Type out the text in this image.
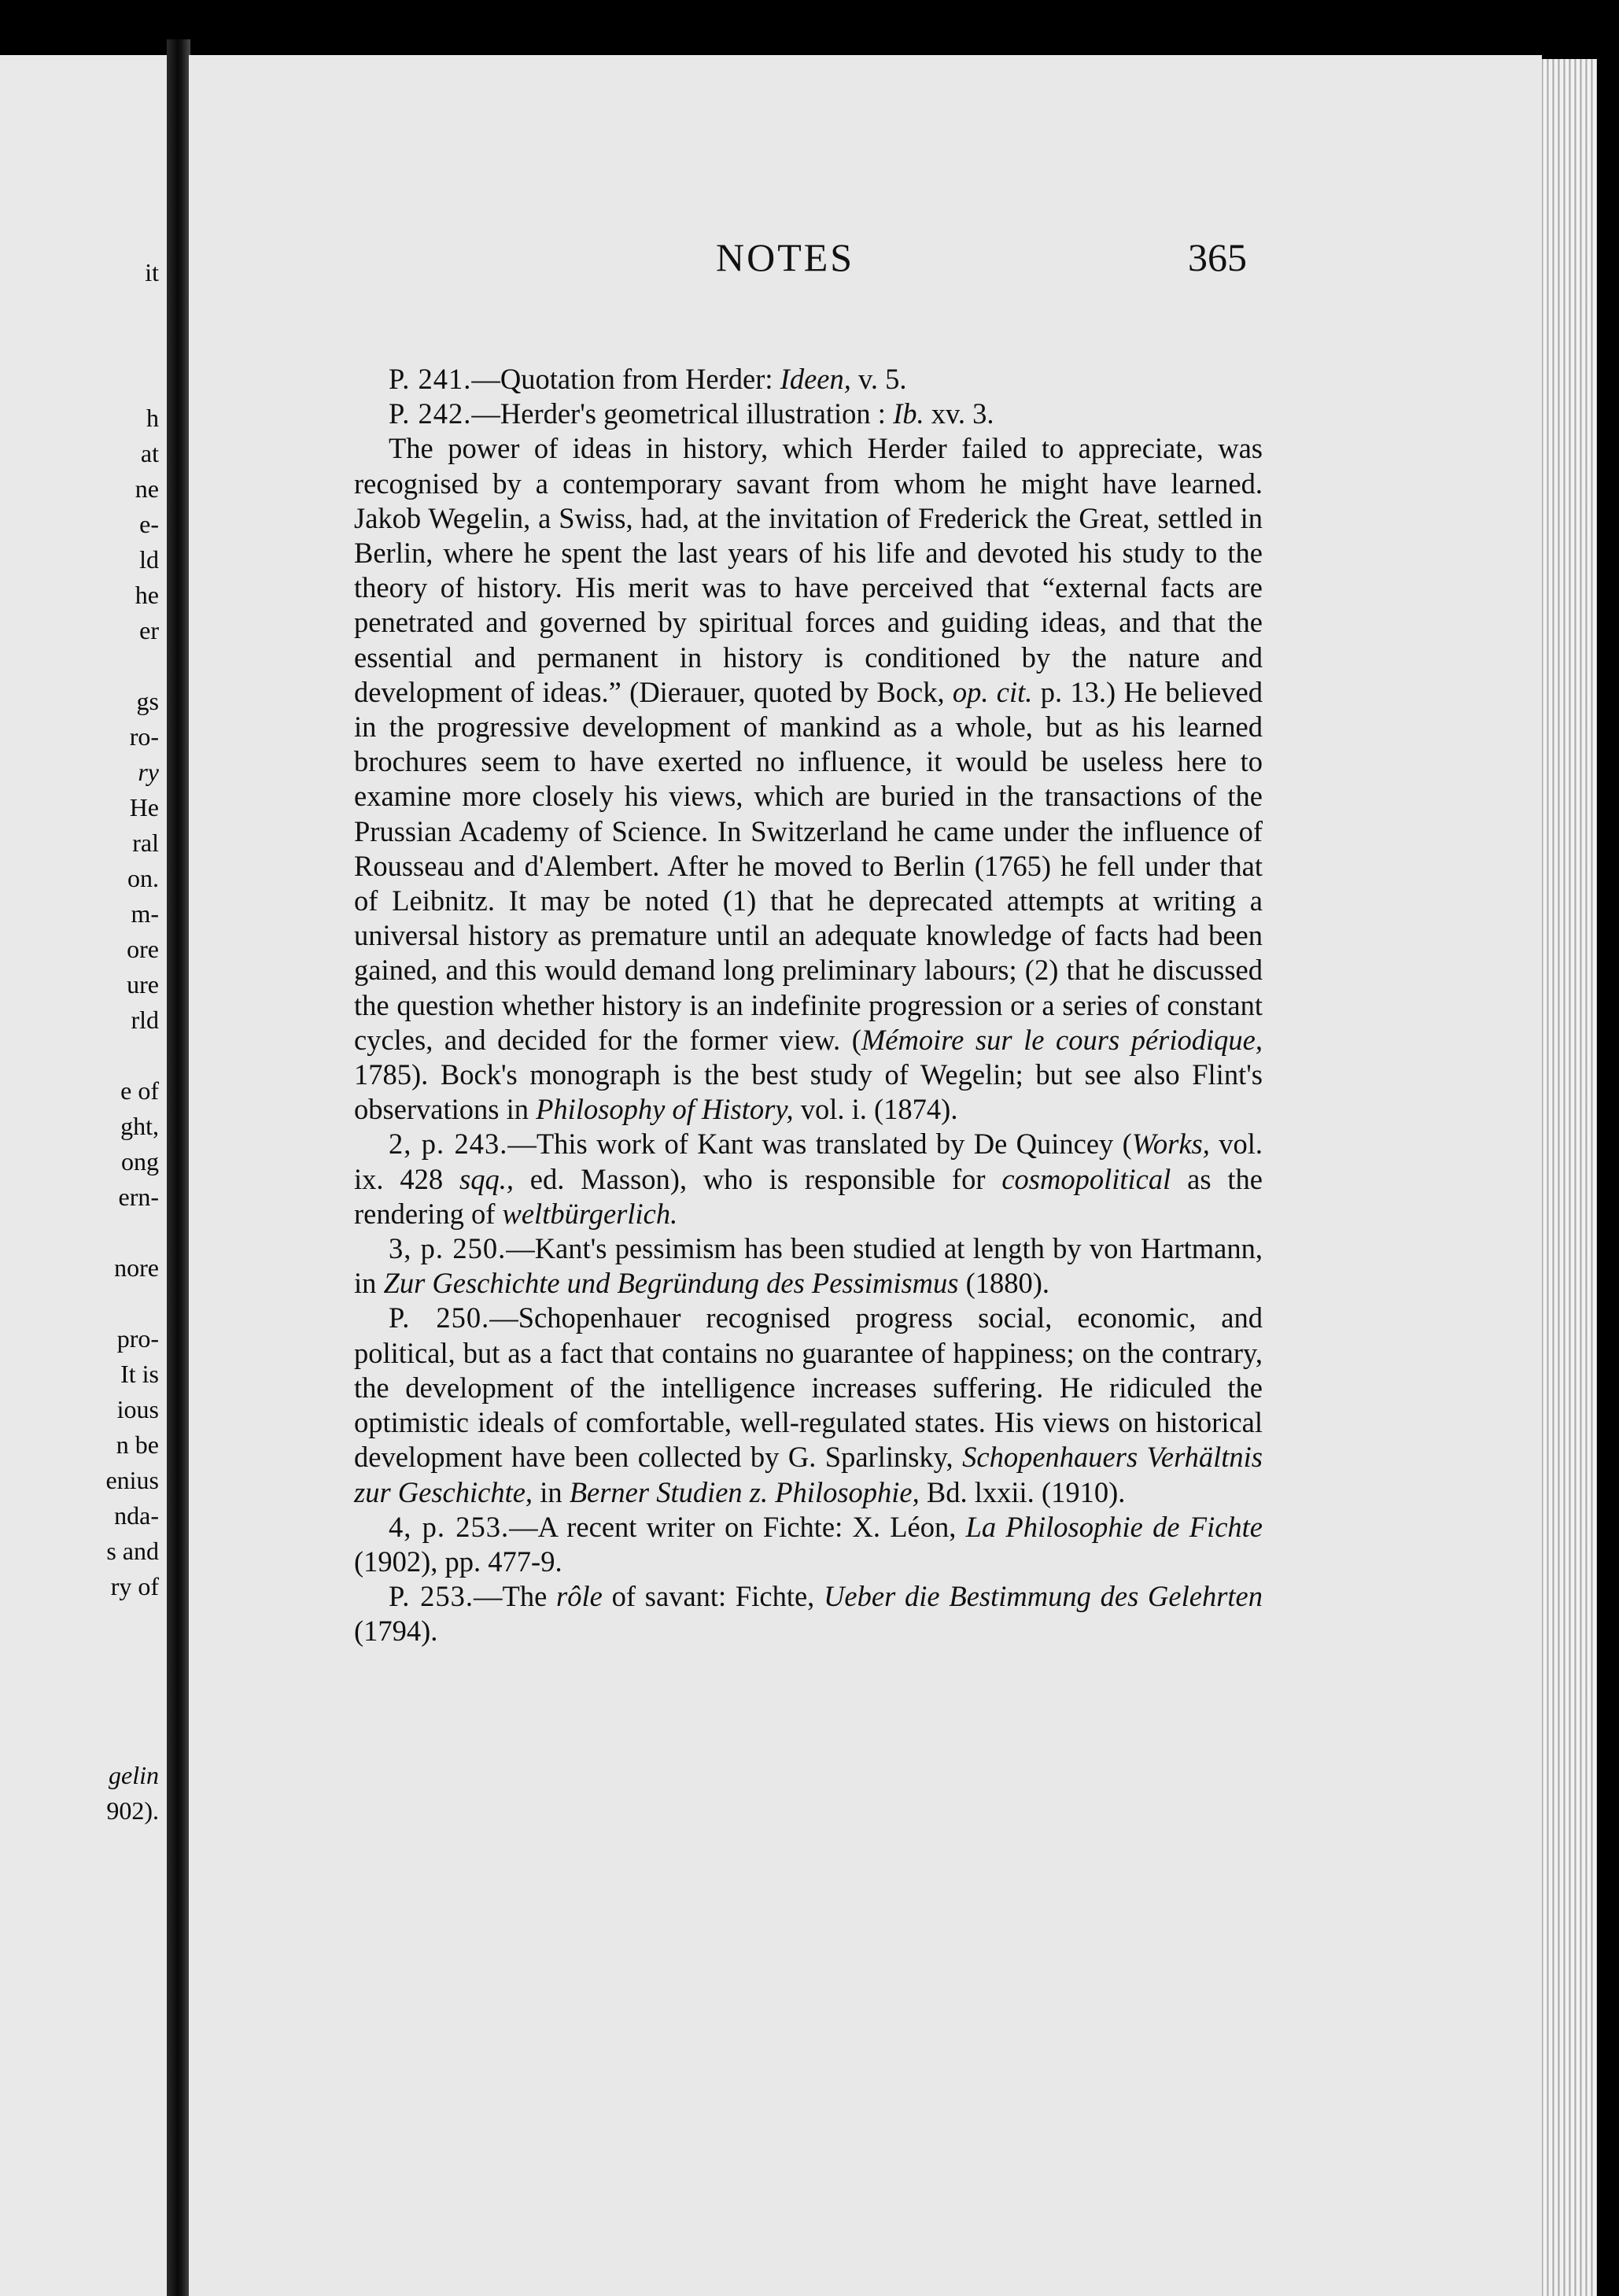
it
h
at
ne
e-
ld
he
er
gs
ro-
ry
He
ral
on.
m-
ore
ure
rld
e of
ght,
ong
ern-
nore
pro-
It is
ious
n be
enius
nda-
s and
ry of
gelin
902).
NOTES	365

P. 241.—Quotation from Herder: Ideen, v. 5.

P. 242.—Herder's geometrical illustration : Ib. xv. 3.

The power of ideas in history, which Herder failed to appreciate, was recognised by a contemporary savant from whom he might have learned. Jakob Wegelin, a Swiss, had, at the invitation of Frederick the Great, settled in Berlin, where he spent the last years of his life and devoted his study to the theory of history. His merit was to have perceived that “external facts are penetrated and governed by spiritual forces and guiding ideas, and that the essential and permanent in history is conditioned by the nature and development of ideas.” (Dierauer, quoted by Bock, op. cit. p. 13.) He believed in the progressive development of mankind as a whole, but as his learned brochures seem to have exerted no influence, it would be useless here to examine more closely his views, which are buried in the transactions of the Prussian Academy of Science. In Switzerland he came under the influence of Rousseau and d'Alembert. After he moved to Berlin (1765) he fell under that of Leibnitz. It may be noted (1) that he deprecated attempts at writing a universal history as premature until an adequate knowledge of facts had been gained, and this would demand long preliminary labours; (2) that he discussed the question whether history is an indefinite progression or a series of constant cycles, and decided for the former view. (Mémoire sur le cours périodique, 1785). Bock's monograph is the best study of Wegelin; but see also Flint's observations in Philosophy of History, vol. i. (1874).

2, p. 243.—This work of Kant was translated by De Quincey (Works, vol. ix. 428 sqq., ed. Masson), who is responsible for cosmopolitical as the rendering of weltbürgerlich.

3, p. 250.—Kant's pessimism has been studied at length by von Hartmann, in Zur Geschichte und Begründung des Pessimismus (1880).

P. 250.—Schopenhauer recognised progress social, economic, and political, but as a fact that contains no guarantee of happiness; on the contrary, the development of the intelligence increases suffering. He ridiculed the optimistic ideals of comfortable, well-regulated states. His views on historical development have been collected by G. Sparlinsky, Schopenhauers Verhältnis zur Geschichte, in Berner Studien z. Philosophie, Bd. lxxii. (1910).

4, p. 253.—A recent writer on Fichte: X. Léon, La Philosophie de Fichte (1902), pp. 477-9.

P. 253.—The rôle of savant: Fichte, Ueber die Bestimmung des Gelehrten (1794).
